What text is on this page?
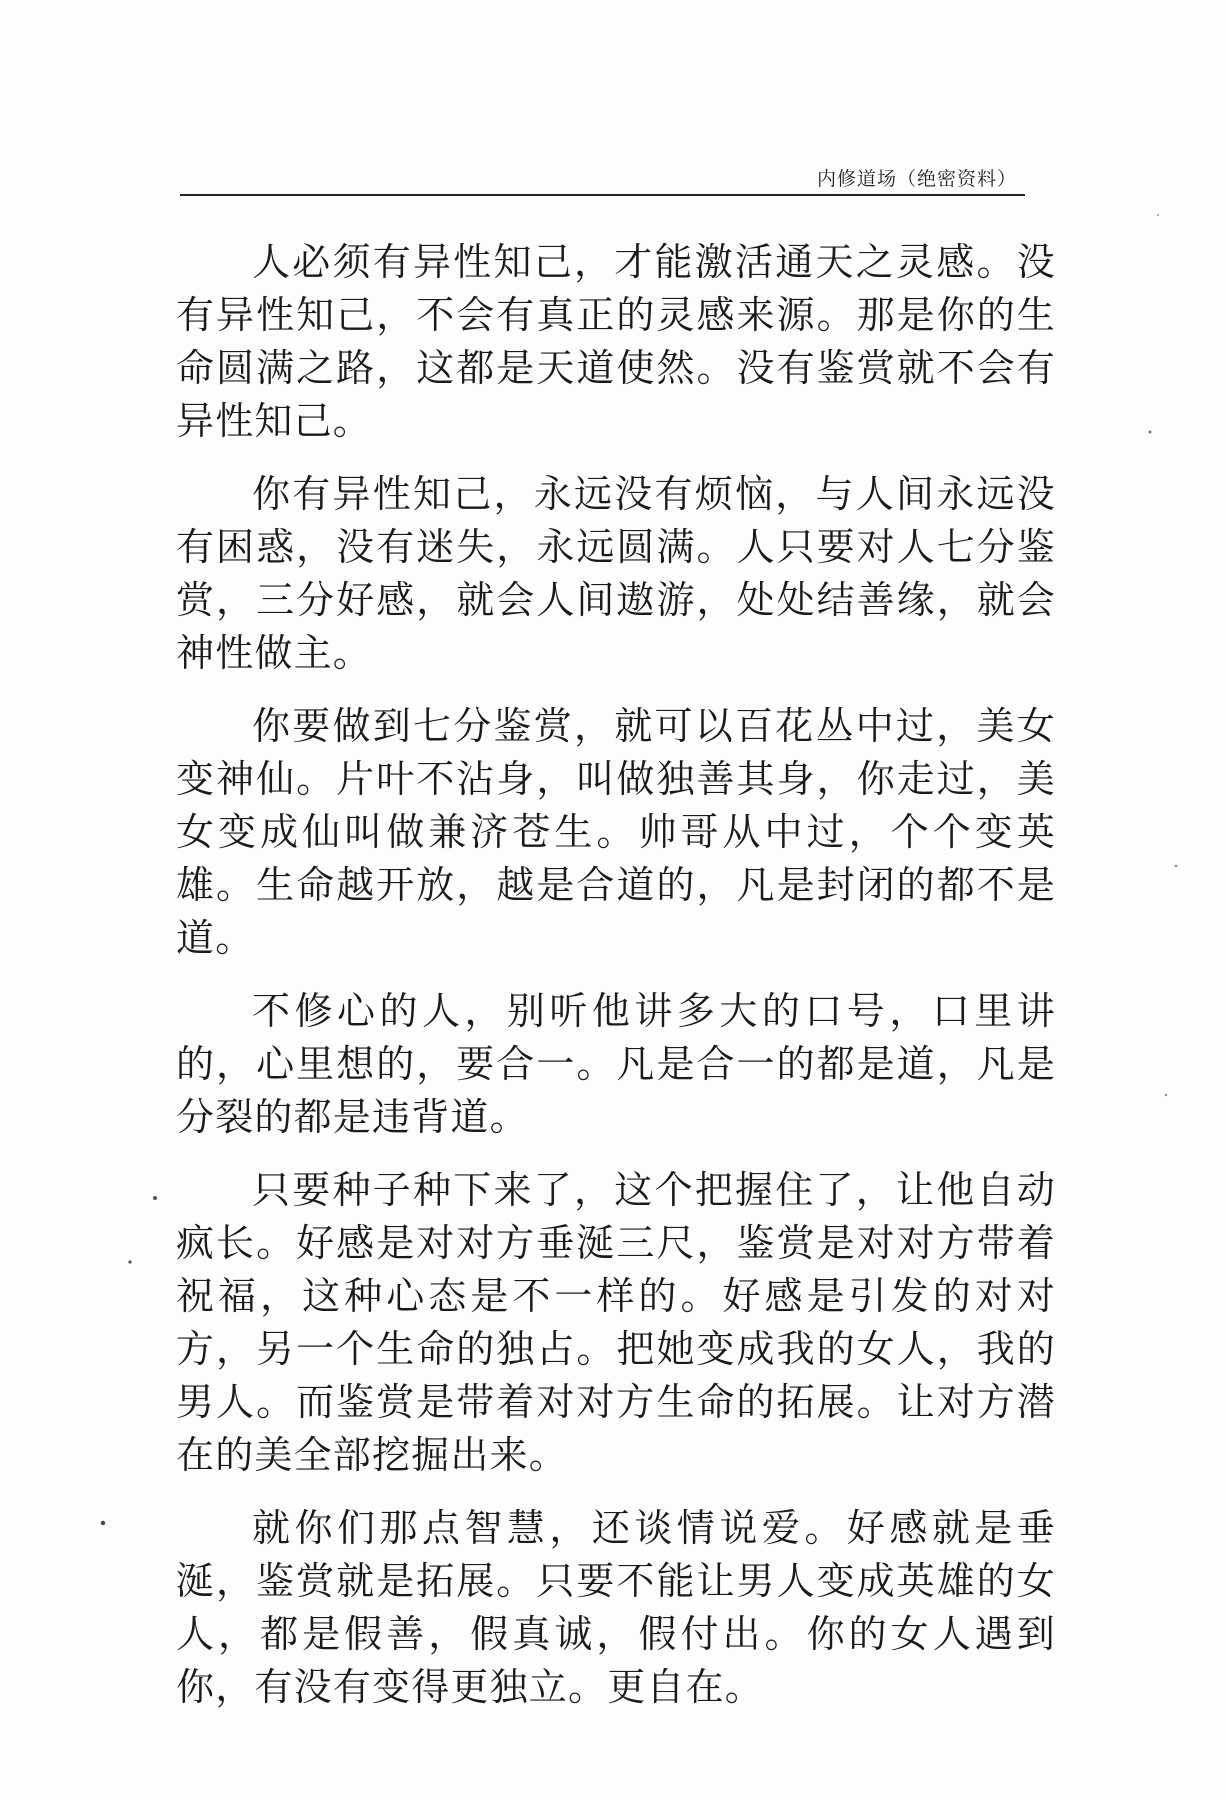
内修道场（绝密资料）

人必须有异性知己，才能激活通天之灵感。没有异性知己，不会有真正的灵感来源。那是你的生命圆满之路，这都是天道使然。没有鉴赏就不会有异性知己。

你有异性知己，永远没有烦恼，与人间永远没有困惑，没有迷失，永远圆满。人只要对人七分鉴赏，三分好感，就会人间遨游，处处结善缘，就会神性做主。

你要做到七分鉴赏，就可以百花丛中过，美女变神仙。片叶不沾身，叫做独善其身，你走过，美女变成仙叫做兼济苍生。帅哥从中过，个个变英雄。生命越开放，越是合道的，凡是封闭的都不是道。

不修心的人，别听他讲多大的口号，口里讲的，心里想的，要合一。凡是合一的都是道，凡是分裂的都是违背道。

只要种子种下来了，这个把握住了，让他自动疯长。好感是对对方垂涎三尺，鉴赏是对对方带着祝福，这种心态是不一样的。好感是引发的对对方，另一个生命的独占。把她变成我的女人，我的男人。而鉴赏是带着对对方生命的拓展。让对方潜在的美全部挖掘出来。

就你们那点智慧，还谈情说爱。好感就是垂涎，鉴赏就是拓展。只要不能让男人变成英雄的女人，都是假善，假真诚，假付出。你的女人遇到你，有没有变得更独立。更自在。
